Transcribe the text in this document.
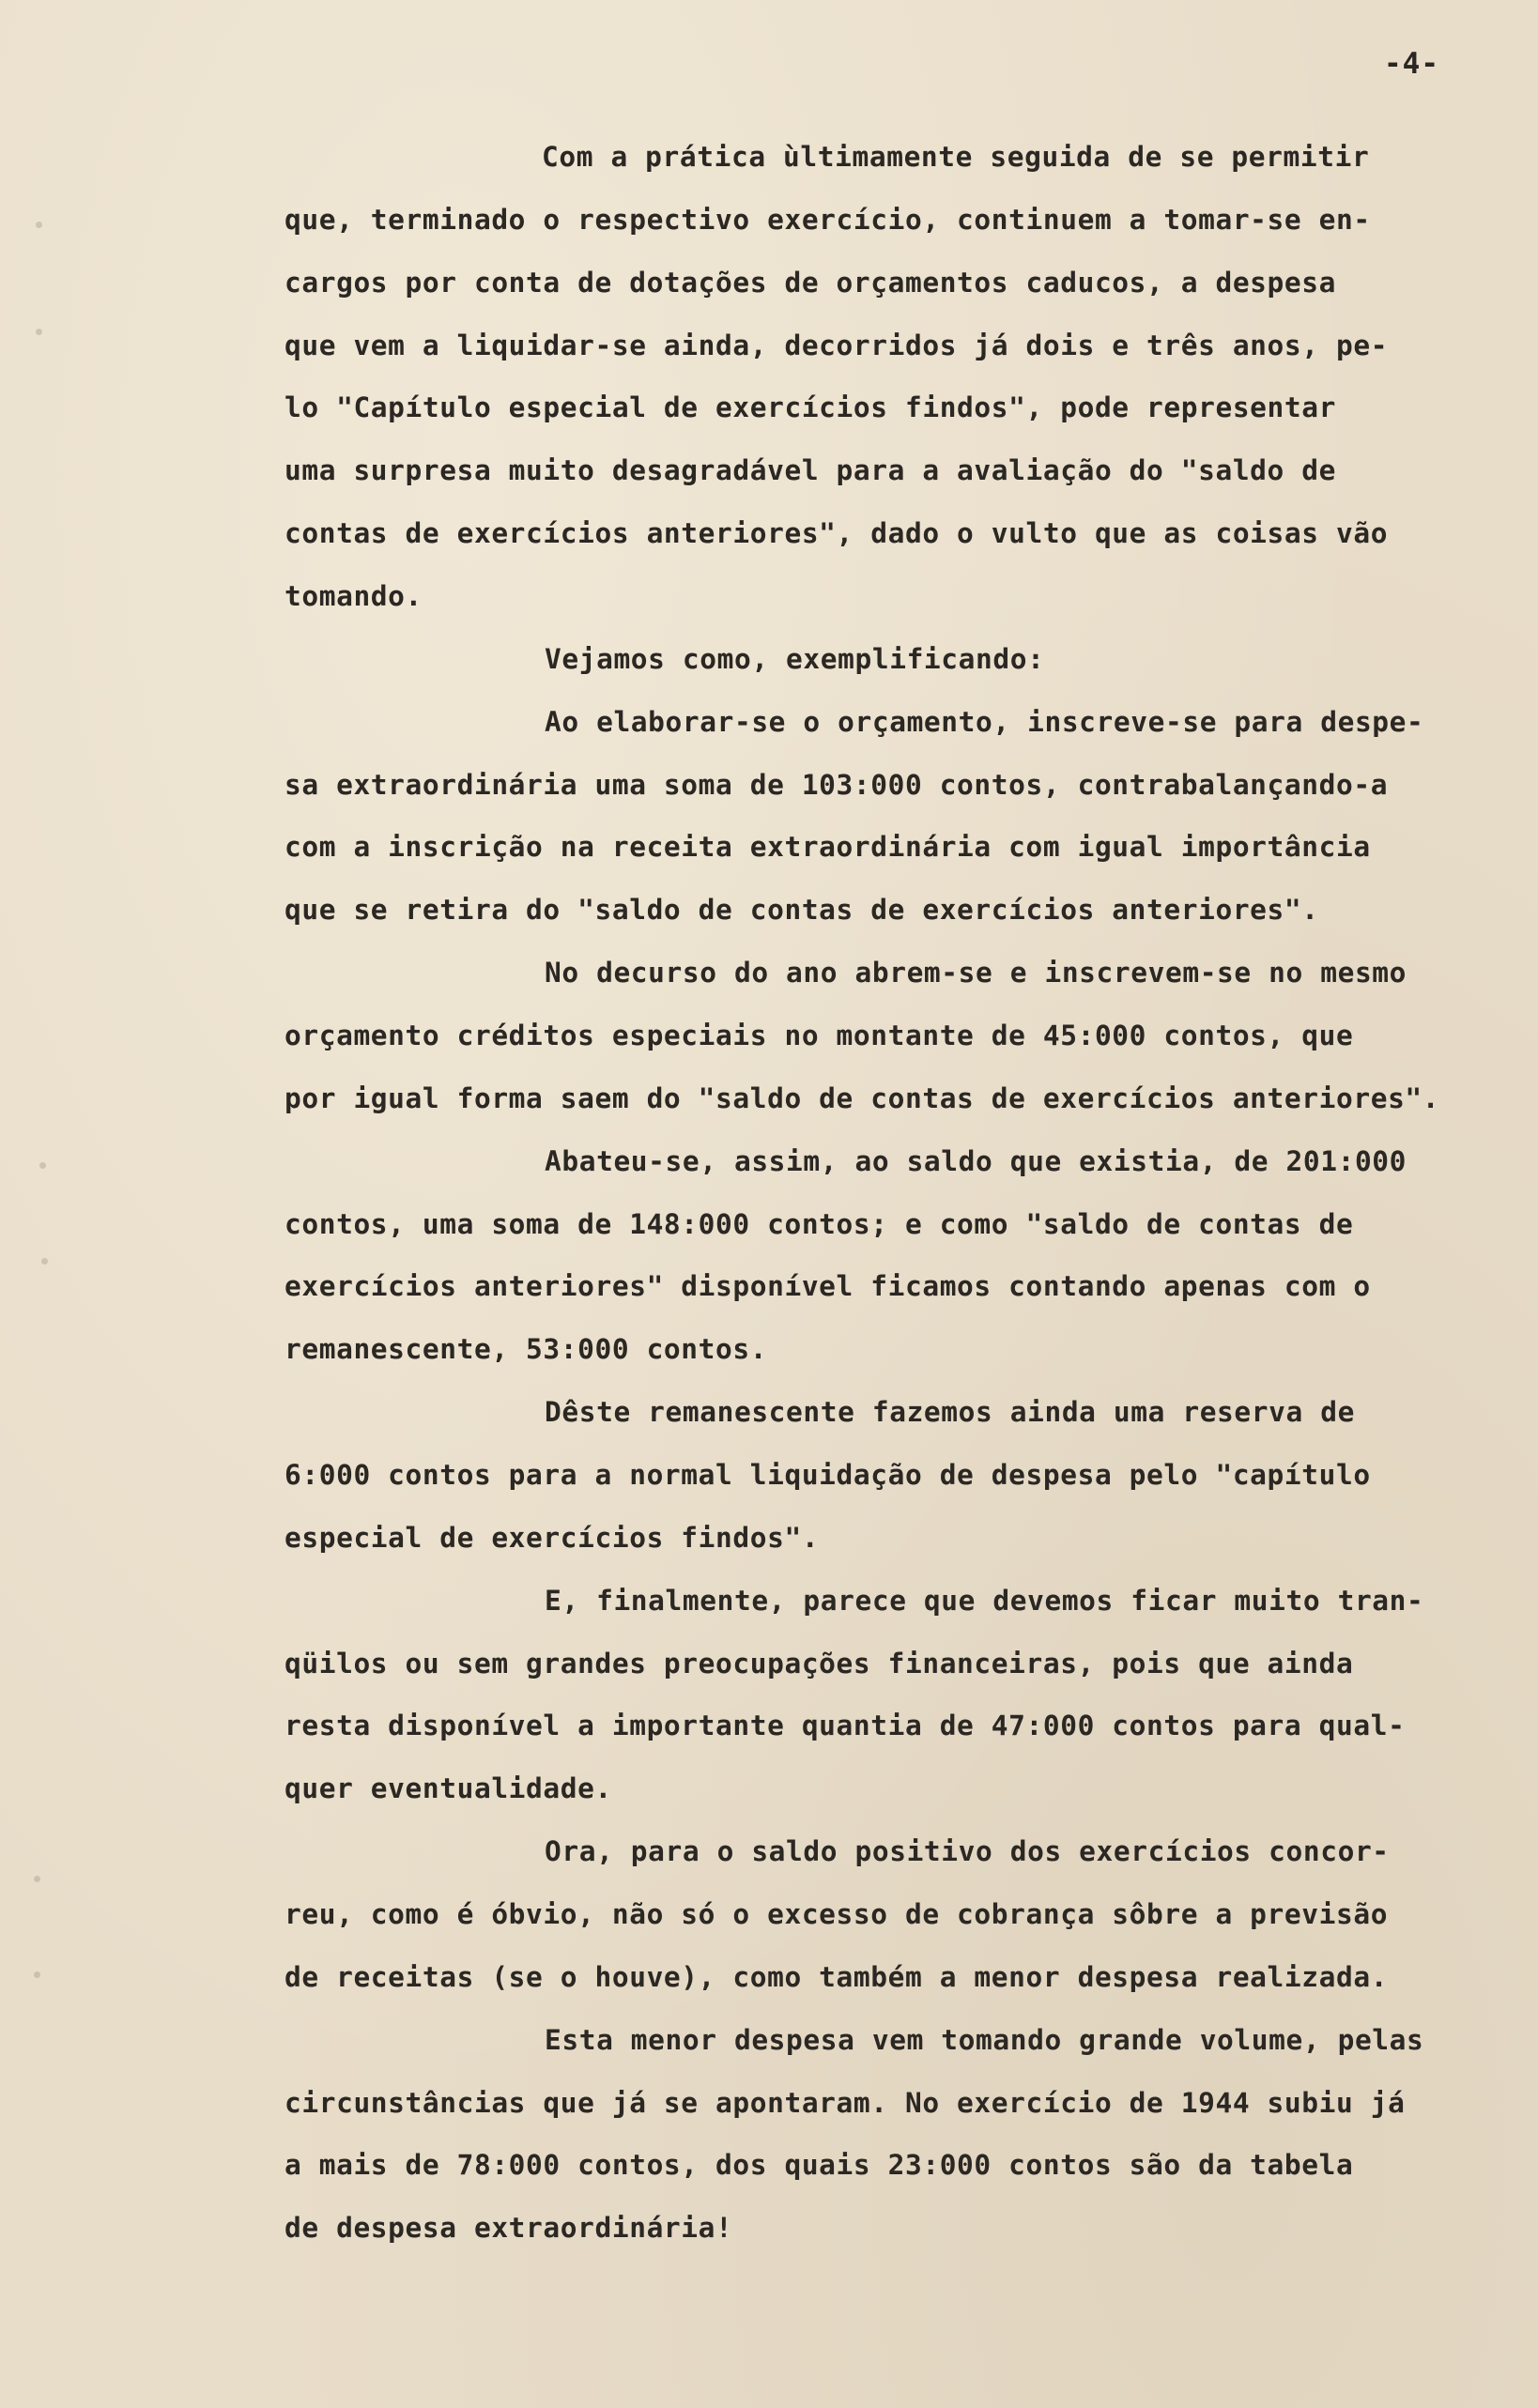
-4-
Com a prática ùltimamente seguida de se permitir
que, terminado o respectivo exercício, continuem a tomar-se en-
cargos por conta de dotações de orçamentos caducos, a despesa
que vem a liquidar-se ainda, decorridos já dois e três anos, pe-
lo "Capítulo especial de exercícios findos", pode representar
uma surpresa muito desagradável para a avaliação do "saldo de
contas de exercícios anteriores", dado o vulto que as coisas vão
tomando.
Vejamos como, exemplificando:
Ao elaborar-se o orçamento, inscreve-se para despe-
sa extraordinária uma soma de 103:000 contos, contrabalançando-a
com a inscrição na receita extraordinária com igual importância
que se retira do "saldo de contas de exercícios anteriores".
No decurso do ano abrem-se e inscrevem-se no mesmo
orçamento créditos especiais no montante de 45:000 contos, que
por igual forma saem do "saldo de contas de exercícios anteriores".
Abateu-se, assim, ao saldo que existia, de 201:000
contos, uma soma de 148:000 contos; e como "saldo de contas de
exercícios anteriores" disponível ficamos contando apenas com o
remanescente, 53:000 contos.
Dêste remanescente fazemos ainda uma reserva de
6:000 contos para a normal liquidação de despesa pelo "capítulo
especial de exercícios findos".
E, finalmente, parece que devemos ficar muito tran-
qüilos ou sem grandes preocupações financeiras, pois que ainda
resta disponível a importante quantia de 47:000 contos para qual-
quer eventualidade.
Ora, para o saldo positivo dos exercícios concor-
reu, como é óbvio, não só o excesso de cobrança sôbre a previsão
de receitas (se o houve), como também a menor despesa realizada.
Esta menor despesa vem tomando grande volume, pelas
circunstâncias que já se apontaram. No exercício de 1944 subiu já
a mais de 78:000 contos, dos quais 23:000 contos são da tabela
de despesa extraordinária!
